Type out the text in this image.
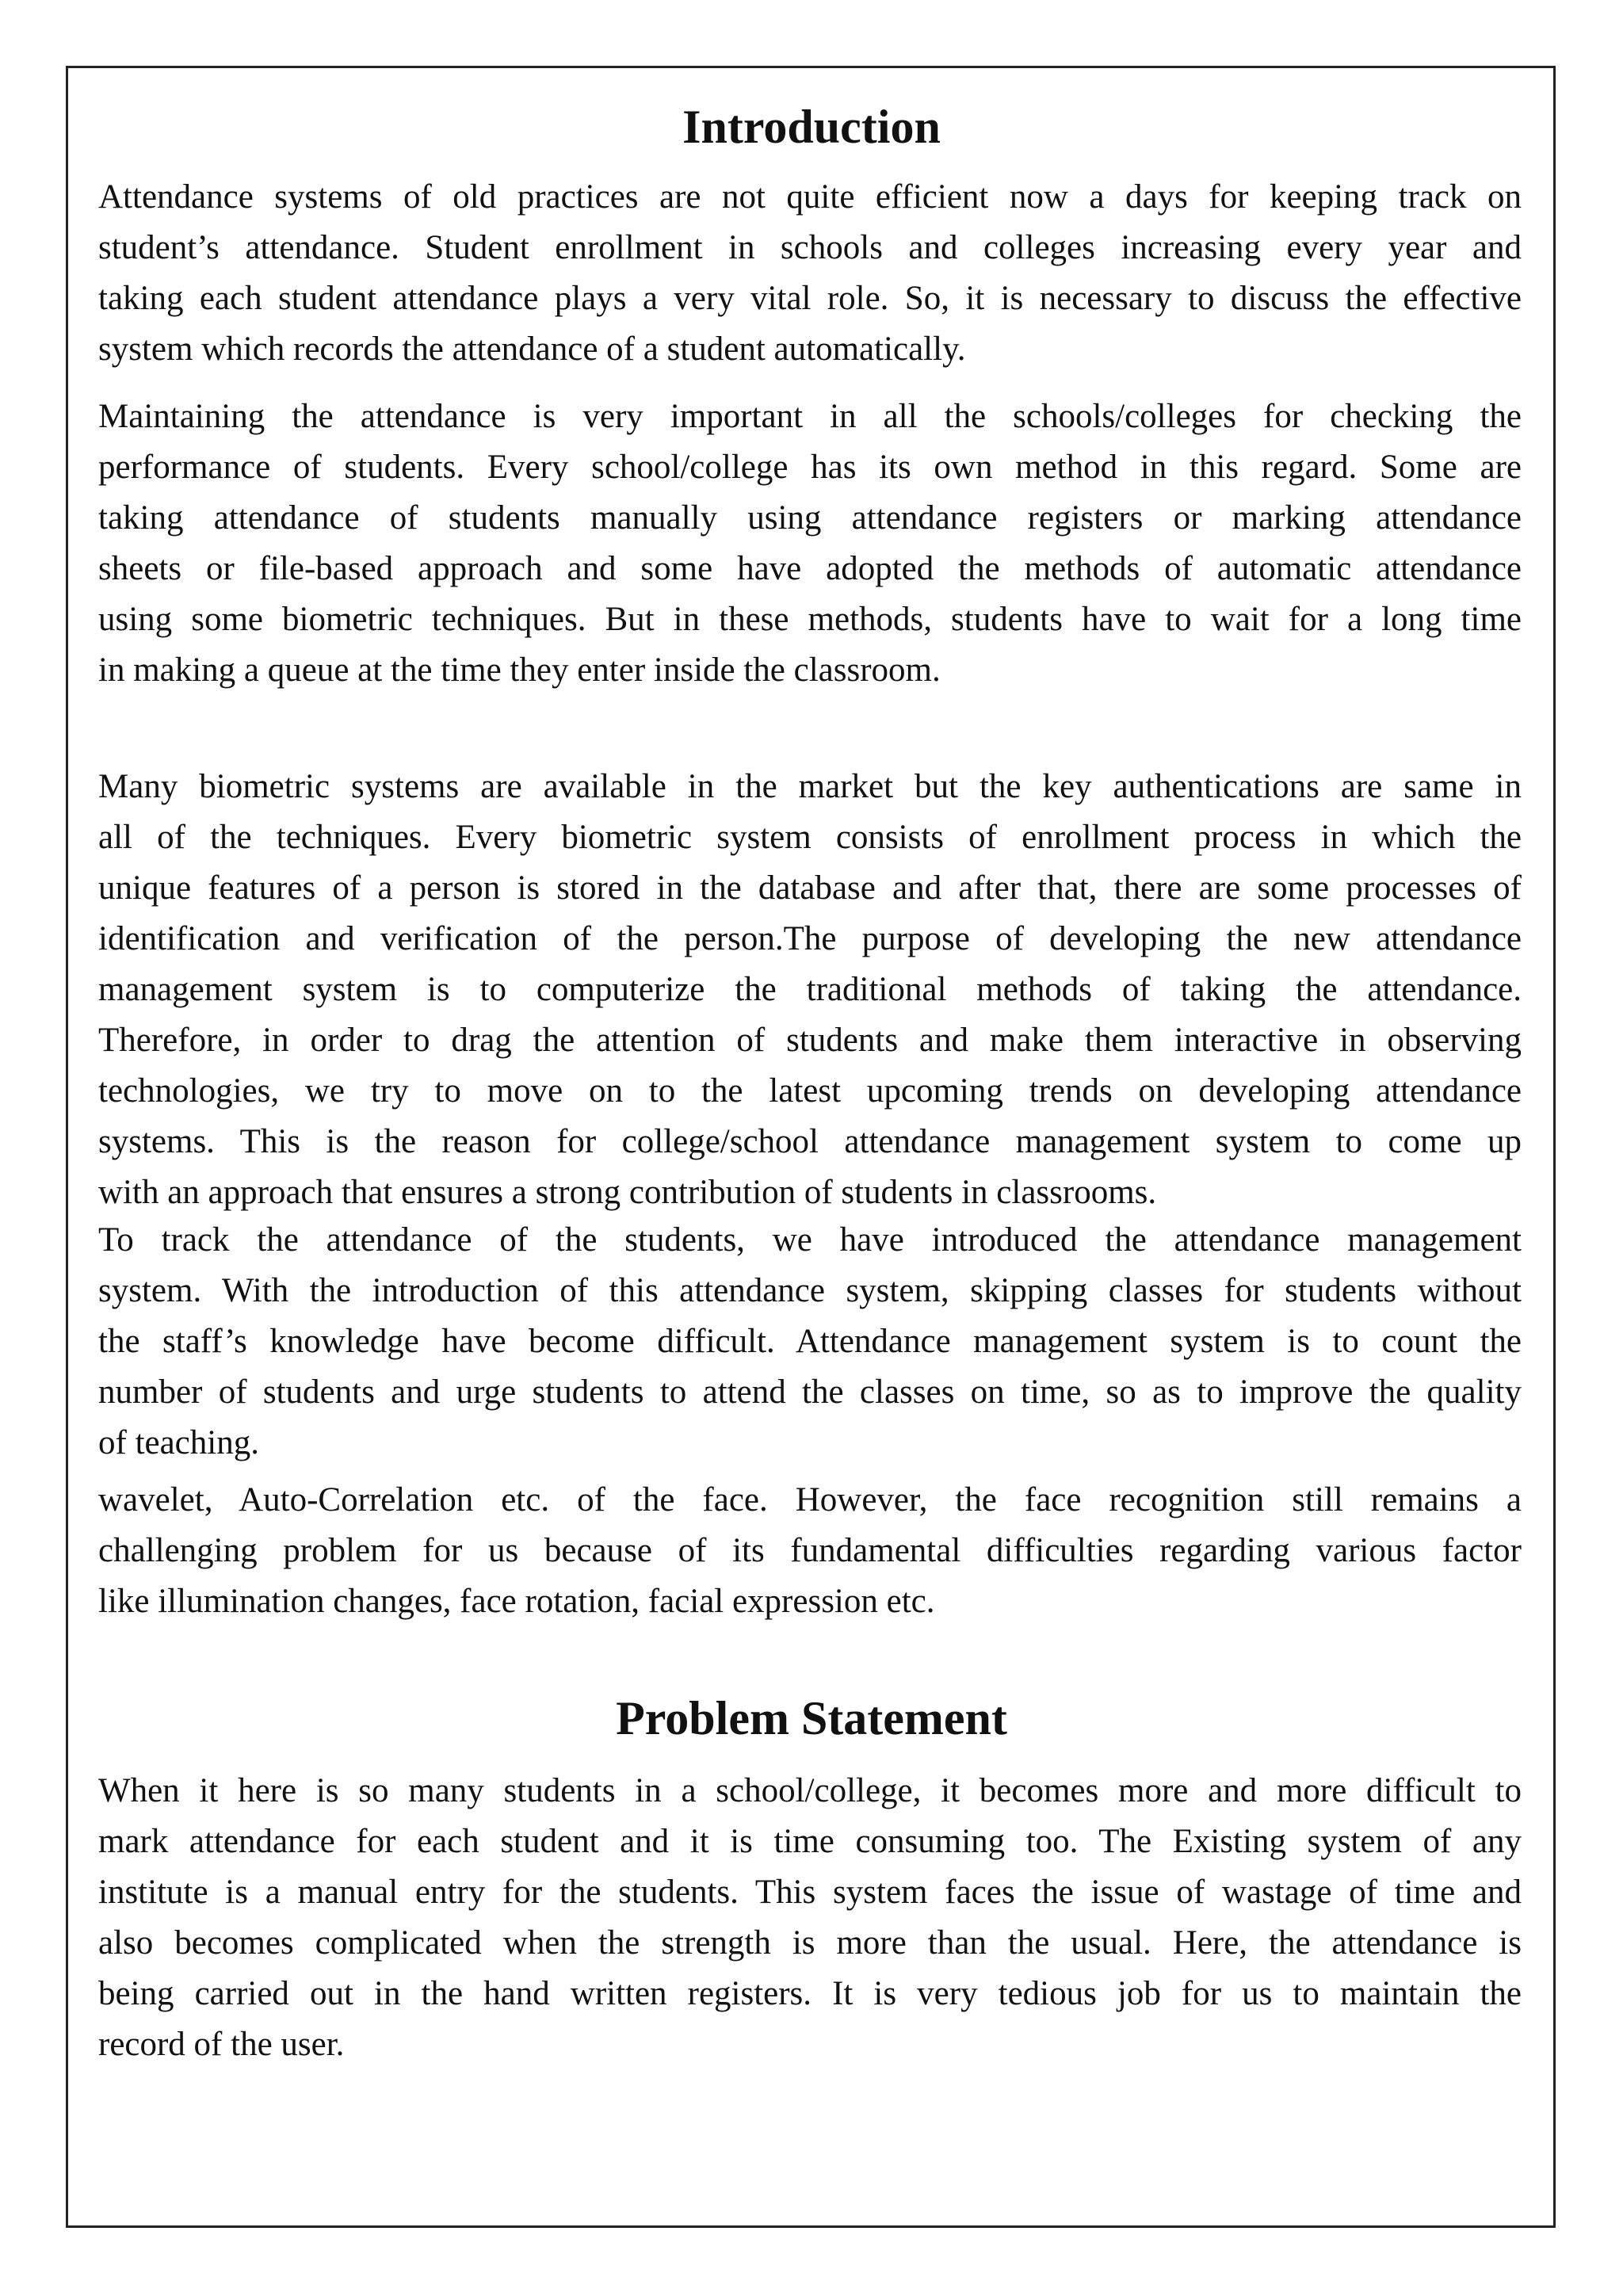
Introduction
Attendance systems of old practices are not quite efficient now a days for keeping track on
student’s attendance. Student enrollment in schools and colleges increasing every year and
taking each student attendance plays a very vital role. So, it is necessary to discuss the effective
system which records the attendance of a student automatically.
Maintaining the attendance is very important in all the schools/colleges for checking the
performance of students. Every school/college has its own method in this regard. Some are
taking attendance of students manually using attendance registers or marking attendance
sheets or file-based approach and some have adopted the methods of automatic attendance
using some biometric techniques. But in these methods, students have to wait for a long time
in making a queue at the time they enter inside the classroom.
Many biometric systems are available in the market but the key authentications are same in
all of the techniques. Every biometric system consists of enrollment process in which the
unique features of a person is stored in the database and after that, there are some processes of
identification and verification of the person.The purpose of developing the new attendance
management system is to computerize the traditional methods of taking the attendance.
Therefore, in order to drag the attention of students and make them interactive in observing
technologies, we try to move on to the latest upcoming trends on developing attendance
systems. This is the reason for college/school attendance management system to come up
with an approach that ensures a strong contribution of students in classrooms.
To track the attendance of the students, we have introduced the attendance management
system. With the introduction of this attendance system, skipping classes for students without
the staff’s knowledge have become difficult. Attendance management system is to count the
number of students and urge students to attend the classes on time, so as to improve the quality
of teaching.
wavelet, Auto-Correlation etc. of the face. However, the face recognition still remains a
challenging problem for us because of its fundamental difficulties regarding various factor
like illumination changes, face rotation, facial expression etc.
Problem Statement
When it here is so many students in a school/college, it becomes more and more difficult to
mark attendance for each student and it is time consuming too. The Existing system of any
institute is a manual entry for the students. This system faces the issue of wastage of time and
also becomes complicated when the strength is more than the usual. Here, the attendance is
being carried out in the hand written registers. It is very tedious job for us to maintain the
record of the user.
